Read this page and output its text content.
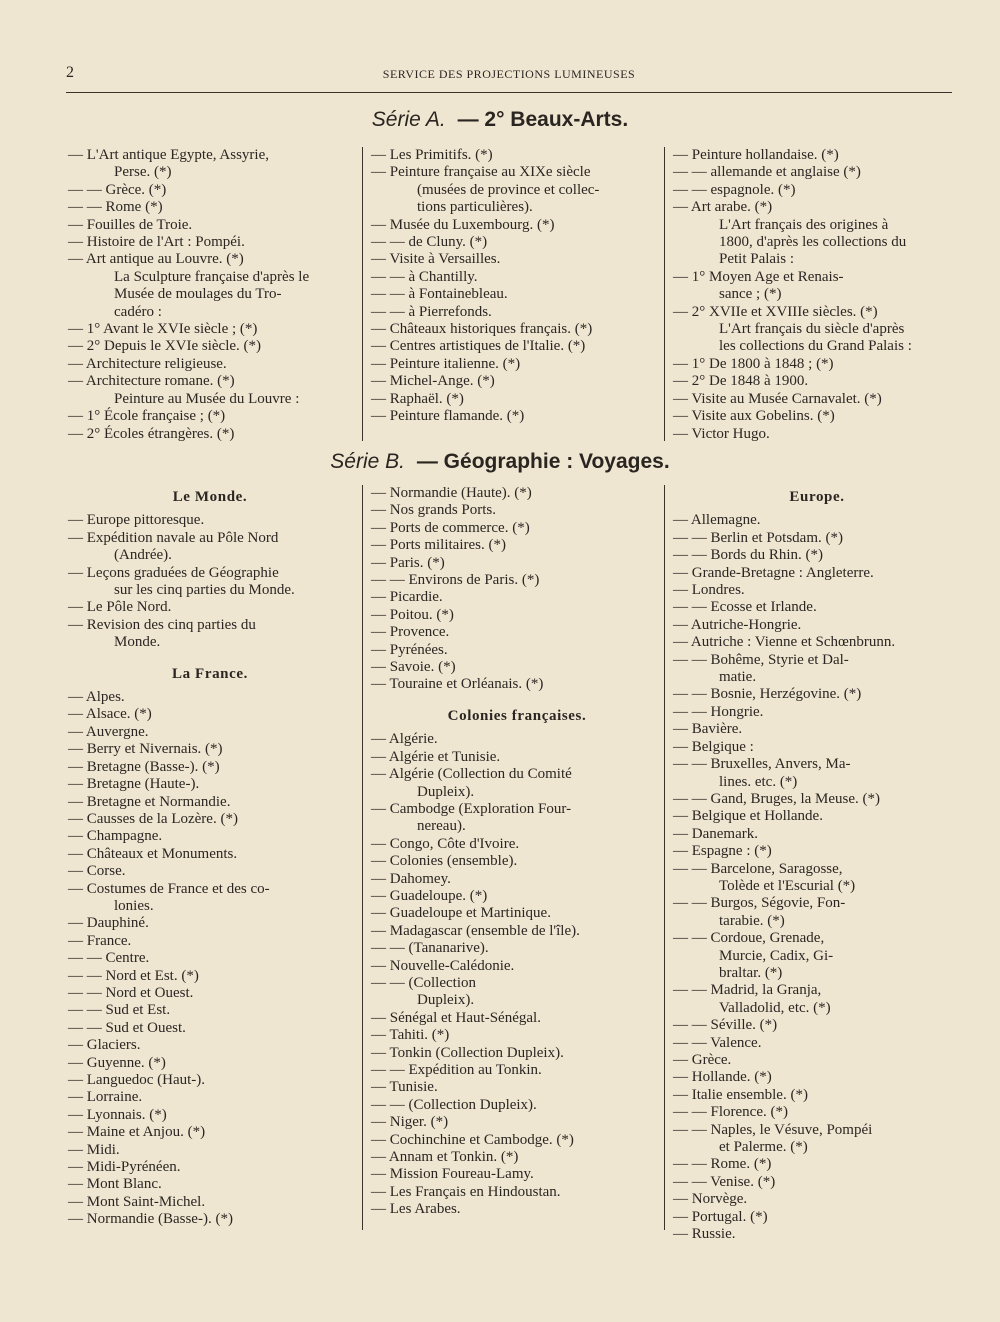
2	SERVICE DES PROJECTIONS LUMINEUSES
Série A. — 2° Beaux-Arts.
— L'Art antique Egypte, Assyrie,
Perse. (*)
— — Grèce. (*)
— — Rome (*)
— Fouilles de Troie.
— Histoire de l'Art : Pompéi.
— Art antique au Louvre. (*)
La Sculpture française d'après le
Musée de moulages du Tro-
cadéro :
— 1° Avant le XVIe siècle ; (*)
— 2° Depuis le XVIe siècle. (*)
— Architecture religieuse.
— Architecture romane. (*)
Peinture au Musée du Louvre :
— 1° École française ; (*)
— 2° Écoles étrangères. (*)
— Les Primitifs. (*)
— Peinture française au XIXe siècle
(musées de province et collec-
tions particulières).
— Musée du Luxembourg. (*)
— — de Cluny. (*)
— Visite à Versailles.
— — à Chantilly.
— — à Fontainebleau.
— — à Pierrefonds.
— Châteaux historiques français. (*)
— Centres artistiques de l'Italie. (*)
— Peinture italienne. (*)
— Michel-Ange. (*)
— Raphaël. (*)
— Peinture flamande. (*)
— Peinture hollandaise. (*)
— — allemande et anglaise (*)
— — espagnole. (*)
— Art arabe. (*)
L'Art français des origines à
1800, d'après les collections du
Petit Palais :
— 1° Moyen Age et Renais-
sance ; (*)
— 2° XVIIe et XVIIIe siècles. (*)
L'Art français du siècle d'après
les collections du Grand Palais :
— 1° De 1800 à 1848 ; (*)
— 2° De 1848 à 1900.
— Visite au Musée Carnavalet. (*)
— Visite aux Gobelins. (*)
— Victor Hugo.
Série B. — Géographie : Voyages.
Le Monde.
— Europe pittoresque.
— Expédition navale au Pôle Nord
(Andrée).
— Leçons graduées de Géographie
sur les cinq parties du Monde.
— Le Pôle Nord.
— Revision des cinq parties du
Monde.
La France.
— Alpes.
— Alsace. (*)
— Auvergne.
— Berry et Nivernais. (*)
— Bretagne (Basse-). (*)
— Bretagne (Haute-).
— Bretagne et Normandie.
— Causses de la Lozère. (*)
— Champagne.
— Châteaux et Monuments.
— Corse.
— Costumes de France et des co-
lonies.
— Dauphiné.
— France.
— — Centre.
— — Nord et Est. (*)
— — Nord et Ouest.
— — Sud et Est.
— — Sud et Ouest.
— Glaciers.
— Guyenne. (*)
— Languedoc (Haut-).
— Lorraine.
— Lyonnais. (*)
— Maine et Anjou. (*)
— Midi.
— Midi-Pyrénéen.
— Mont Blanc.
— Mont Saint-Michel.
— Normandie (Basse-). (*)
— Normandie (Haute). (*)
— Nos grands Ports.
— Ports de commerce. (*)
— Ports militaires. (*)
— Paris. (*)
— — Environs de Paris. (*)
— Picardie.
— Poitou. (*)
— Provence.
— Pyrénées.
— Savoie. (*)
— Touraine et Orléanais. (*)
Colonies françaises.
— Algérie.
— Algérie et Tunisie.
— Algérie (Collection du Comité
Dupleix).
— Cambodge (Exploration Four-
nereau).
— Congo, Côte d'Ivoire.
— Colonies (ensemble).
— Dahomey.
— Guadeloupe. (*)
— Guadeloupe et Martinique.
— Madagascar (ensemble de l'île).
— — (Tananarive).
— Nouvelle-Calédonie.
— — (Collection
Dupleix).
— Sénégal et Haut-Sénégal.
— Tahiti. (*)
— Tonkin (Collection Dupleix).
— — Expédition au Tonkin.
— Tunisie.
— — (Collection Dupleix).
— Niger. (*)
— Cochinchine et Cambodge. (*)
— Annam et Tonkin. (*)
— Mission Foureau-Lamy.
— Les Français en Hindoustan.
— Les Arabes.
Europe.
— Allemagne.
— — Berlin et Potsdam. (*)
— — Bords du Rhin. (*)
— Grande-Bretagne : Angleterre.
— Londres.
— — Ecosse et Irlande.
— Autriche-Hongrie.
— Autriche : Vienne et Schœnbrunn.
— — Bohême, Styrie et Dal-
matie.
— — Bosnie, Herzégovine. (*)
— — Hongrie.
— Bavière.
— Belgique :
— — Bruxelles, Anvers, Ma-
lines. etc. (*)
— — Gand, Bruges, la Meuse. (*)
— Belgique et Hollande.
— Danemark.
— Espagne : (*)
— — Barcelone, Saragosse,
Tolède et l'Escurial (*)
— — Burgos, Ségovie, Fon-
tarabie. (*)
— — Cordoue, Grenade,
Murcie, Cadix, Gi-
braltar. (*)
— — Madrid, la Granja,
Valladolid, etc. (*)
— — Séville. (*)
— — Valence.
— Grèce.
— Hollande. (*)
— Italie ensemble. (*)
— — Florence. (*)
— — Naples, le Vésuve, Pompéi
et Palerme. (*)
— — Rome. (*)
— — Venise. (*)
— Norvège.
— Portugal. (*)
— Russie.
